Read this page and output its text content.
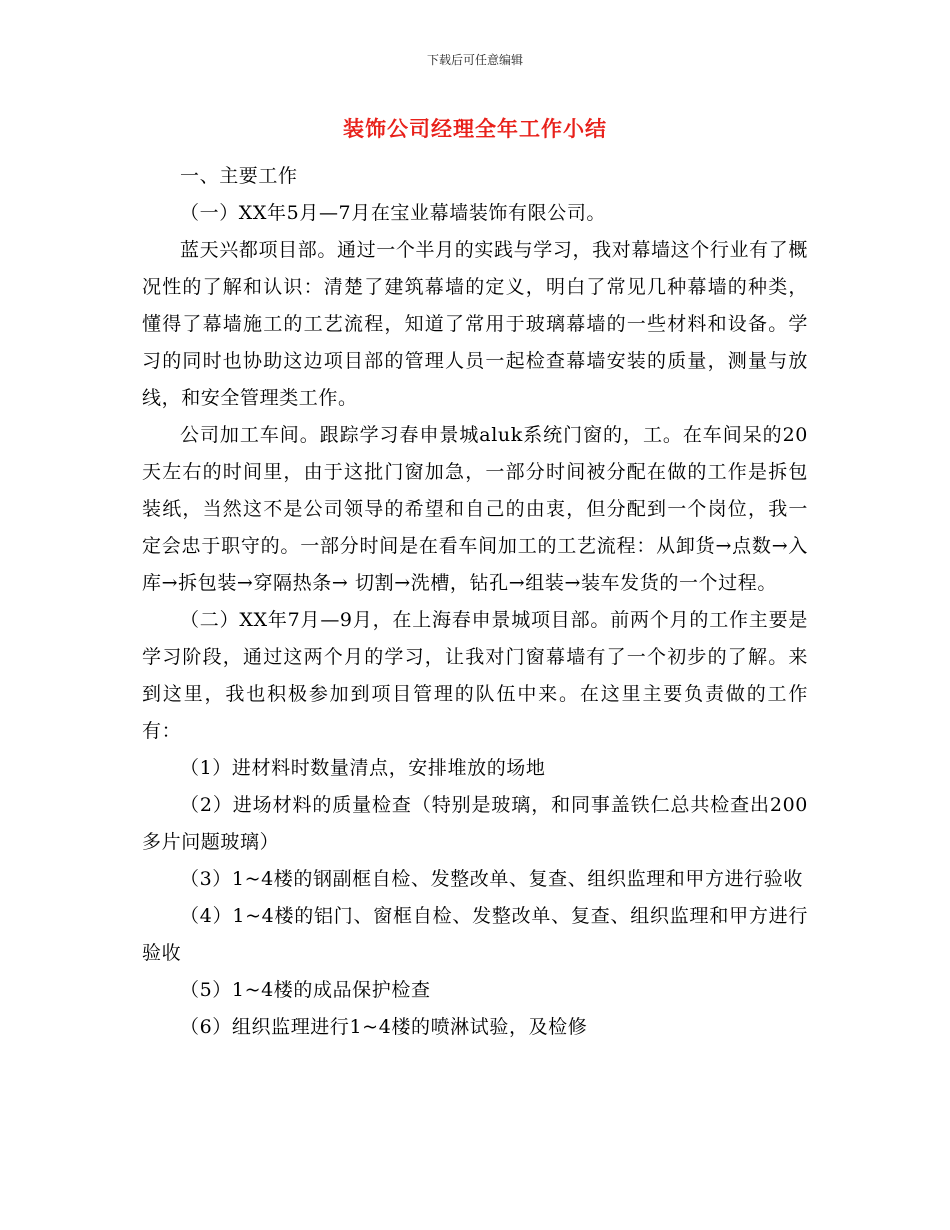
下载后可任意编辑
装饰公司经理全年工作小结

一、主要工作

（一）XX年5月—7月在宝业幕墙装饰有限公司。

蓝天兴都项目部。通过一个半月的实践与学习，我对幕墙这个行业有了概况性的了解和认识：清楚了建筑幕墙的定义，明白了常见几种幕墙的种类，懂得了幕墙施工的工艺流程，知道了常用于玻璃幕墙的一些材料和设备。学习的同时也协助这边项目部的管理人员一起检查幕墙安装的质量，测量与放线，和安全管理类工作。

公司加工车间。跟踪学习春申景城aluk系统门窗的，工。在车间呆的20天左右的时间里，由于这批门窗加急，一部分时间被分配在做的工作是拆包装纸，当然这不是公司领导的希望和自己的由衷，但分配到一个岗位，我一定会忠于职守的。一部分时间是在看车间加工的工艺流程：从卸货→点数→入库→拆包装→穿隔热条→ 切割→洗槽，钻孔→组装→装车发货的一个过程。

（二）XX年7月—9月，在上海春申景城项目部。前两个月的工作主要是学习阶段，通过这两个月的学习，让我对门窗幕墙有了一个初步的了解。来到这里，我也积极参加到项目管理的队伍中来。在这里主要负责做的工作有：

（1）进材料时数量清点，安排堆放的场地

（2）进场材料的质量检查（特别是玻璃，和同事盖铁仁总共检查出200多片问题玻璃）

（3）1~4楼的钢副框自检、发整改单、复查、组织监理和甲方进行验收

（4）1~4楼的铝门、窗框自检、发整改单、复查、组织监理和甲方进行验收

（5）1~4楼的成品保护检查

（6）组织监理进行1~4楼的喷淋试验，及检修
